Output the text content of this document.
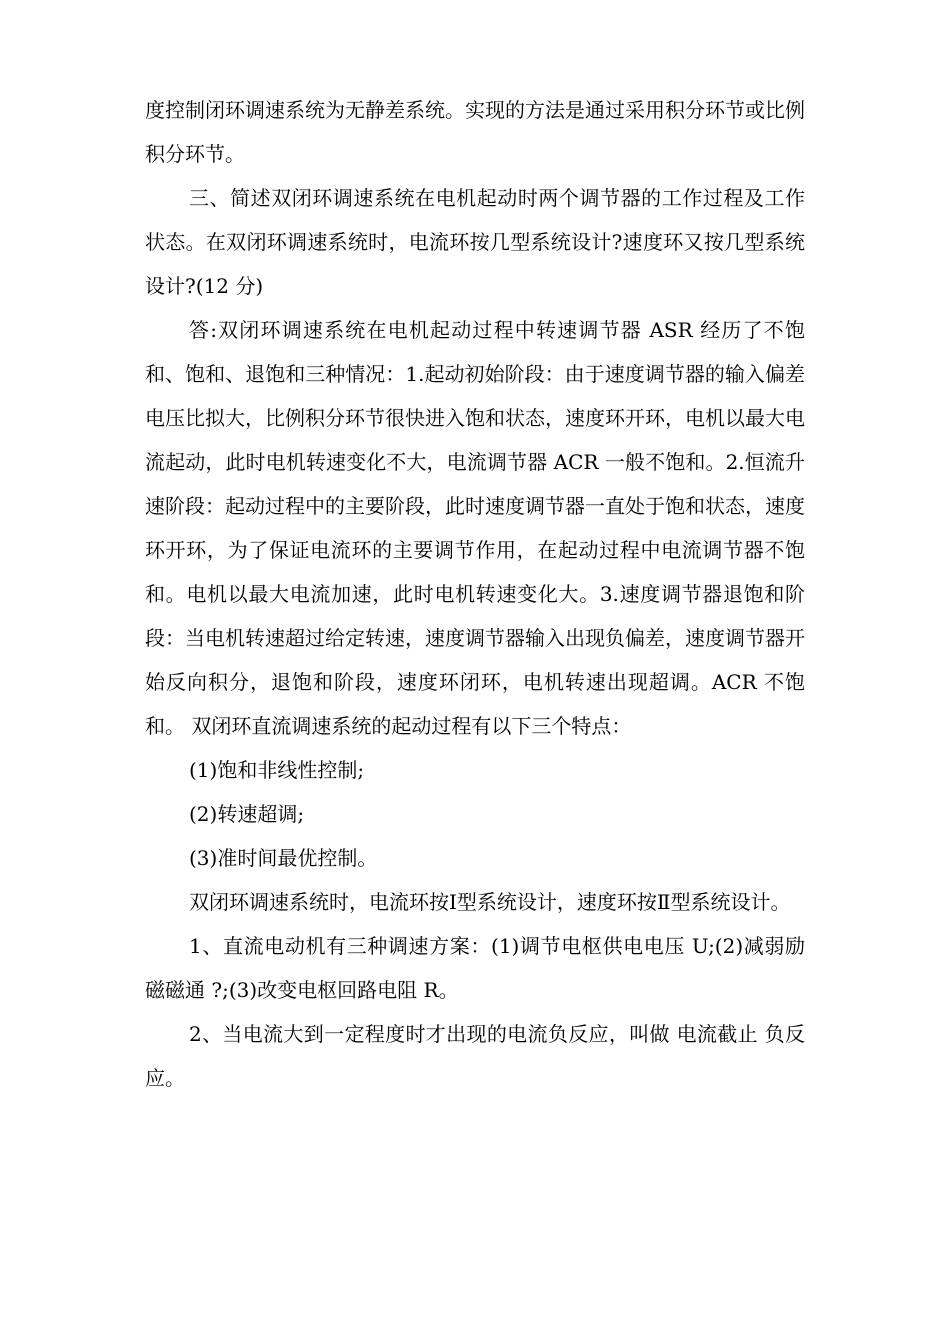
度控制闭环调速系统为无静差系统。实现的方法是通过采用积分环节或比例积分环节。

三、简述双闭环调速系统在电机起动时两个调节器的工作过程及工作状态。在双闭环调速系统时，电流环按几型系统设计?速度环又按几型系统设计?(12 分)

答:双闭环调速系统在电机起动过程中转速调节器 ASR 经历了不饱和、饱和、退饱和三种情况：1.起动初始阶段：由于速度调节器的输入偏差电压比拟大，比例积分环节很快进入饱和状态，速度环开环，电机以最大电流起动，此时电机转速变化不大，电流调节器 ACR 一般不饱和。2.恒流升速阶段：起动过程中的主要阶段，此时速度调节器一直处于饱和状态，速度环开环，为了保证电流环的主要调节作用，在起动过程中电流调节器不饱和。电机以最大电流加速，此时电机转速变化大。3.速度调节器退饱和阶段：当电机转速超过给定转速，速度调节器输入出现负偏差，速度调节器开始反向积分，退饱和阶段，速度环闭环，电机转速出现超调。ACR 不饱和。 双闭环直流调速系统的起动过程有以下三个特点：

(1)饱和非线性控制;

(2)转速超调;

(3)准时间最优控制。

双闭环调速系统时，电流环按Ⅰ型系统设计，速度环按Ⅱ型系统设计。

1、直流电动机有三种调速方案：(1)调节电枢供电电压 U;(2)减弱励磁磁通 ?;(3)改变电枢回路电阻 R。

2、当电流大到一定程度时才出现的电流负反应，叫做 电流截止 负反应。
